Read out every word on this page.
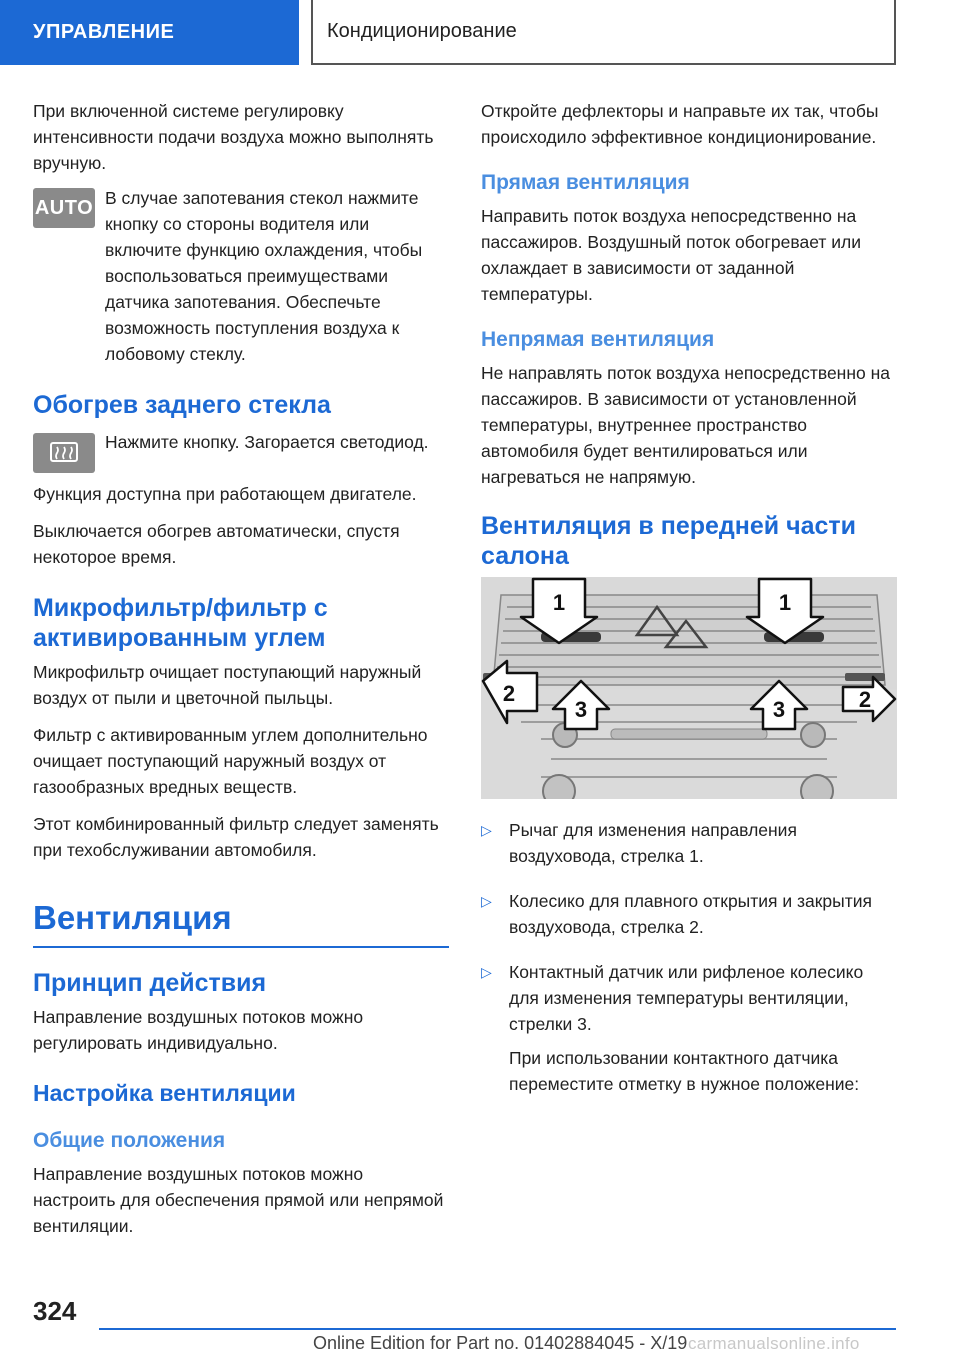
УПРАВЛЕНИЕ	Кондиционирование

При включенной системе регулировку интенсивности подачи воздуха можно выполнять вручную.

AUTO В случае запотевания стекол нажмите кнопку со стороны водителя или включите функцию охлаждения, чтобы воспользоваться преимуществами датчика запотевания. Обеспечьте возможность поступления воздуха к лобовому стеклу.

Обогрев заднего стекла

Нажмите кнопку. Загорается светодиод.

Функция доступна при работающем двигателе.

Выключается обогрев автоматически, спустя некоторое время.

Микрофильтр/фильтр с активированным углем

Микрофильтр очищает поступающий наружный воздух от пыли и цветочной пыльцы.

Фильтр с активированным углем дополнительно очищает поступающий наружный воздух от газообразных вредных веществ.

Этот комбинированный фильтр следует заменять при техобслуживании автомобиля.

Вентиляция
Принцип действия

Направление воздушных потоков можно регулировать индивидуально.

Настройка вентиляции
Общие положения

Направление воздушных потоков можно настроить для обеспечения прямой или непрямой вентиляции.

Откройте дефлекторы и направьте их так, чтобы происходило эффективное кондиционирование.

Прямая вентиляция

Направить поток воздуха непосредственно на пассажиров. Воздушный поток обогревает или охлаждает в зависимости от заданной температуры.

Непрямая вентиляция

Не направлять поток воздуха непосредственно на пассажиров. В зависимости от установленной температуры, внутреннее пространство автомобиля будет вентилироваться или нагреваться не напрямую.

Вентиляция в передней части салона
1	1
2
3	3	2
▷ Рычаг для изменения направления воздуховода, стрелка 1.

▷ Колесико для плавного открытия и закрытия воздуховода, стрелка 2.

▷ Контактный датчик или рифленое колесико для изменения температуры вентиляции, стрелки 3.

При использовании контактного датчика переместите отметку в нужное положение:

324
Online Edition for Part no. 01402884045 - X/19 carmanualsonline.info
